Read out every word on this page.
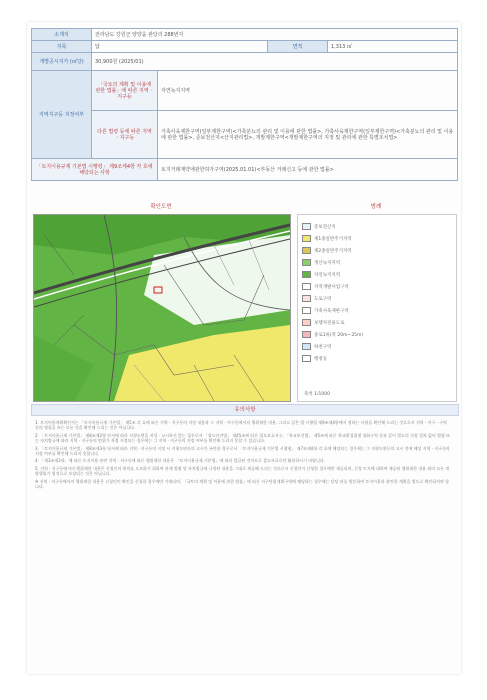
소재지	전라남도 강원군 양양읍 관당리 288번지			
지목	답		면적	1,313 ㎡
개별공시지가 (㎡당)	30,900원 (2025/01)			
지역지구등 지정여부	「국토의 계획 및 이용에 관한 법률」에 따른 지역ㆍ지구등	자연녹지지역		
	다른 법령 등에 따른 지역ㆍ지구등	가축사육제한구역(일부제한구역)<가축분뇨의 관리 및 이용에 관한 법률>, 가축사육제한구역(일부제한구역)<가축분뇨의 관리 및 이용에 관한 법률>, 준보전산지<산지관리법>, 개발제한구역<개발제한구역의 지정 및 관리에 관한 특별조치법>		
「토지이용규제 기본법 시행령」 제9조제4항 각 호에 해당되는 사항		토지거래계약에관한허가구역(2025.01.01)<부동산 거래신고 등에 관한 법률>		
확인도면	범례
준보전산지
제1종일반주거지역
제2종일반주거지역
생산녹지지역
자연녹지지역
지역개발사업구역
도로구역
가축사육제한구역
보행자전용도로
중로1류(폭 20m~25m)
하천구역
행정동
축척 1/1000
유의사항

1. 토지이용계획확인서는 「토지이용규제 기본법」 제5조 각 호에 따른 지역ㆍ지구등의 지정 내용과 그 지역ㆍ지구등에서의 행위제한 내용, 그리고 같은 법 시행령 제9조제4항에서 정하는 사항을 확인해 드리는 것으로서 지역ㆍ지구ㆍ구역 등의 명칭을 쓰는 모든 것을 확인해 드리는 것은 아닙니다.

2. 「토지이용규제 기본법」 제8조제2항 단서에 따라 지형도면을 작성ㆍ고시하지 않는 경우로서 「철도안전법」 제45조에 따른 철도보호지구, 「학교보건법」 제5조에 따른 학교환경위생 정화구역 등과 같이 별도의 지정 절차 없이 법령 또는 자치법규에 따라 지역ㆍ지구등의 범위가 직접 지정되는 경우에는 그 지역ㆍ지구등의 지정 여부를 확인해 드리지 못할 수 있습니다.

3. 「토지이용규제 기본법」 제8조제3항 단서에 따라 지역ㆍ지구등의 지정 시 지형도면등의 고시가 곤란한 경우로서 「토지이용규제 기본법 시행령」 제7조제4항 각 호에 해당되는 경우에는 그 지형도면등의 고시 전에 해당 지역ㆍ지구등의 지정 여부를 확인해 드리지 못합니다.

4. 「제3조제2항」에 따른 토지이용 관련 지역ㆍ지구등에 따른 행위제한 내용은 「토지이용규제 기본법」에 따라 발급된 것이므로 참고자료로만 활용하시기 바랍니다.

5. 지역ㆍ지구등에서의 행위제한 내용은 신청인의 편의를 도모하기 위하여 관계 법령 및 자치법규에 규정된 내용을 그대로 제공해 드리는 것으로서 신청인이 신청한 경우에만 제공되며, 신청 토지에 대하여 제공된 행위제한 내용 외의 모든 개발행위가 법적으로 보장되는 것은 아닙니다.

※ 지역ㆍ지구등에서의 행위제한 내용은 신청인이 확인을 신청한 경우에만 기재되며, 「국토의 계획 및 이용에 관한 법률」에 따른 지구단위계획구역에 해당하는 경우에는 담당 과를 방문하여 토지이용과 관련한 계획을 별도로 확인하셔야 합니다.
